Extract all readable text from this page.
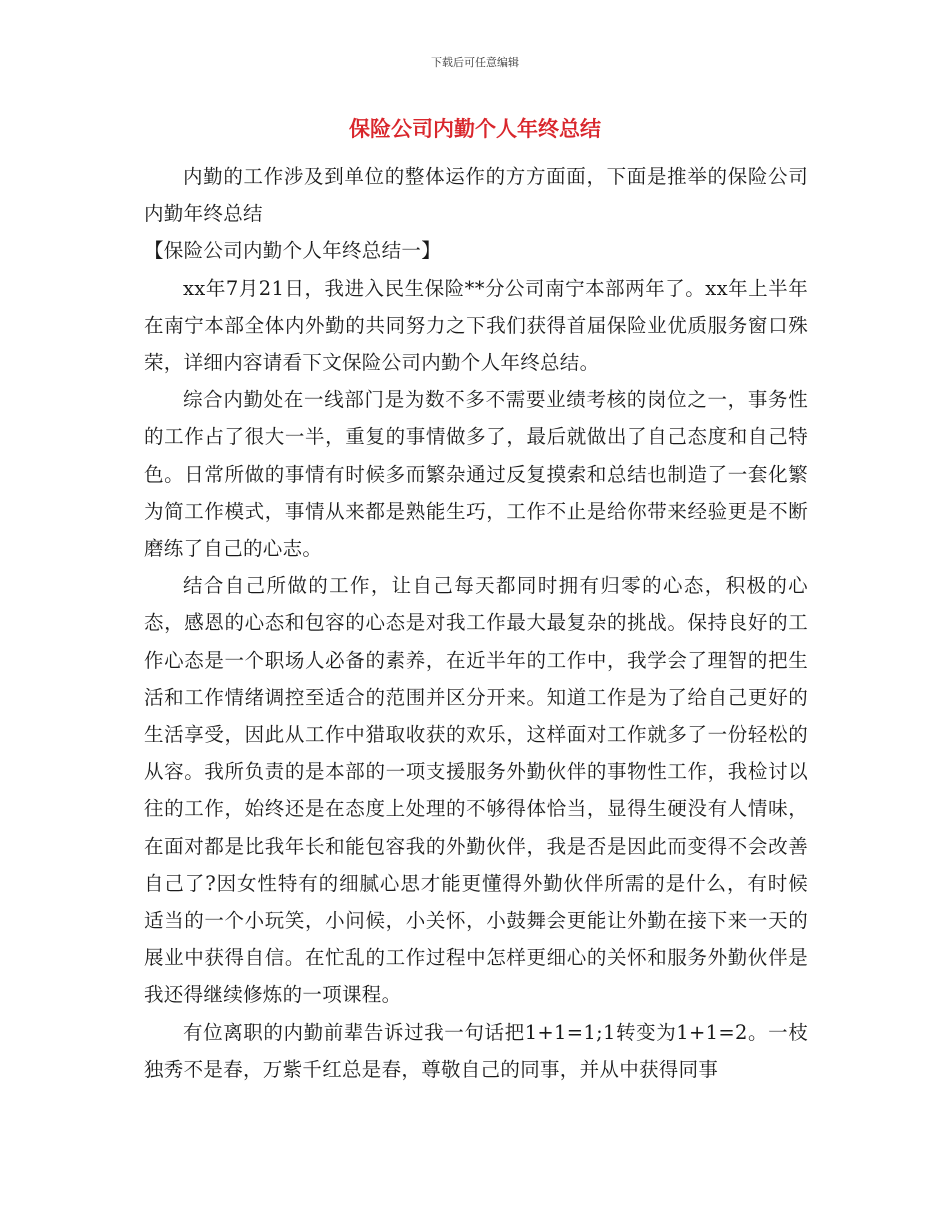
下载后可任意编辑
保险公司内勤个人年终总结

内勤的工作涉及到单位的整体运作的方方面面，下面是推举的保险公司内勤年终总结

【保险公司内勤个人年终总结一】

xx年7月21日，我进入民生保险**分公司南宁本部两年了。xx年上半年在南宁本部全体内外勤的共同努力之下我们获得首届保险业优质服务窗口殊荣，详细内容请看下文保险公司内勤个人年终总结。

综合内勤处在一线部门是为数不多不需要业绩考核的岗位之一，事务性的工作占了很大一半，重复的事情做多了，最后就做出了自己态度和自己特色。日常所做的事情有时候多而繁杂通过反复摸索和总结也制造了一套化繁为简工作模式，事情从来都是熟能生巧，工作不止是给你带来经验更是不断磨练了自己的心志。

结合自己所做的工作，让自己每天都同时拥有归零的心态，积极的心态，感恩的心态和包容的心态是对我工作最大最复杂的挑战。保持良好的工作心态是一个职场人必备的素养，在近半年的工作中，我学会了理智的把生活和工作情绪调控至适合的范围并区分开来。知道工作是为了给自己更好的生活享受，因此从工作中猎取收获的欢乐，这样面对工作就多了一份轻松的从容。我所负责的是本部的一项支援服务外勤伙伴的事物性工作，我检讨以往的工作，始终还是在态度上处理的不够得体恰当，显得生硬没有人情味，在面对都是比我年长和能包容我的外勤伙伴，我是否是因此而变得不会改善自己了?因女性特有的细腻心思才能更懂得外勤伙伴所需的是什么，有时候适当的一个小玩笑，小问候，小关怀，小鼓舞会更能让外勤在接下来一天的展业中获得自信。在忙乱的工作过程中怎样更细心的关怀和服务外勤伙伴是我还得继续修炼的一项课程。

有位离职的内勤前辈告诉过我一句话把1+1=1;1转变为1+1=2。一枝独秀不是春，万紫千红总是春，尊敬自己的同事，并从中获得同事
